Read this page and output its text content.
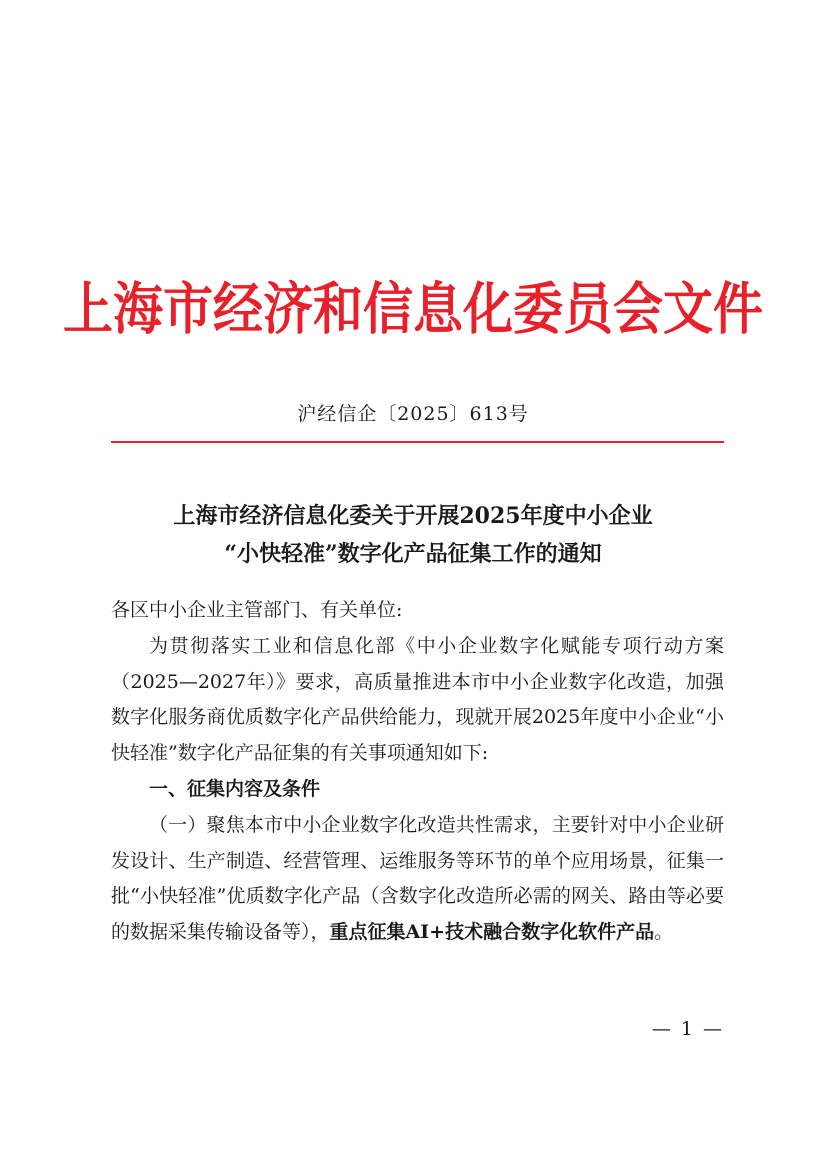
上海市经济和信息化委员会文件
沪经信企〔2025〕613号
上海市经济信息化委关于开展2025年度中小企业
“小快轻准”数字化产品征集工作的通知

各区中小企业主管部门、有关单位:

为贯彻落实工业和信息化部《中小企业数字化赋能专项行动方案（2025—2027年）》要求，高质量推进本市中小企业数字化改造，加强数字化服务商优质数字化产品供给能力，现就开展2025年度中小企业“小快轻准”数字化产品征集的有关事项通知如下:

一、征集内容及条件

（一）聚焦本市中小企业数字化改造共性需求，主要针对中小企业研发设计、生产制造、经营管理、运维服务等环节的单个应用场景，征集一批“小快轻准”优质数字化产品（含数字化改造所必需的网关、路由等必要的数据采集传输设备等），重点征集AI+技术融合数字化软件产品。

— 1 —
